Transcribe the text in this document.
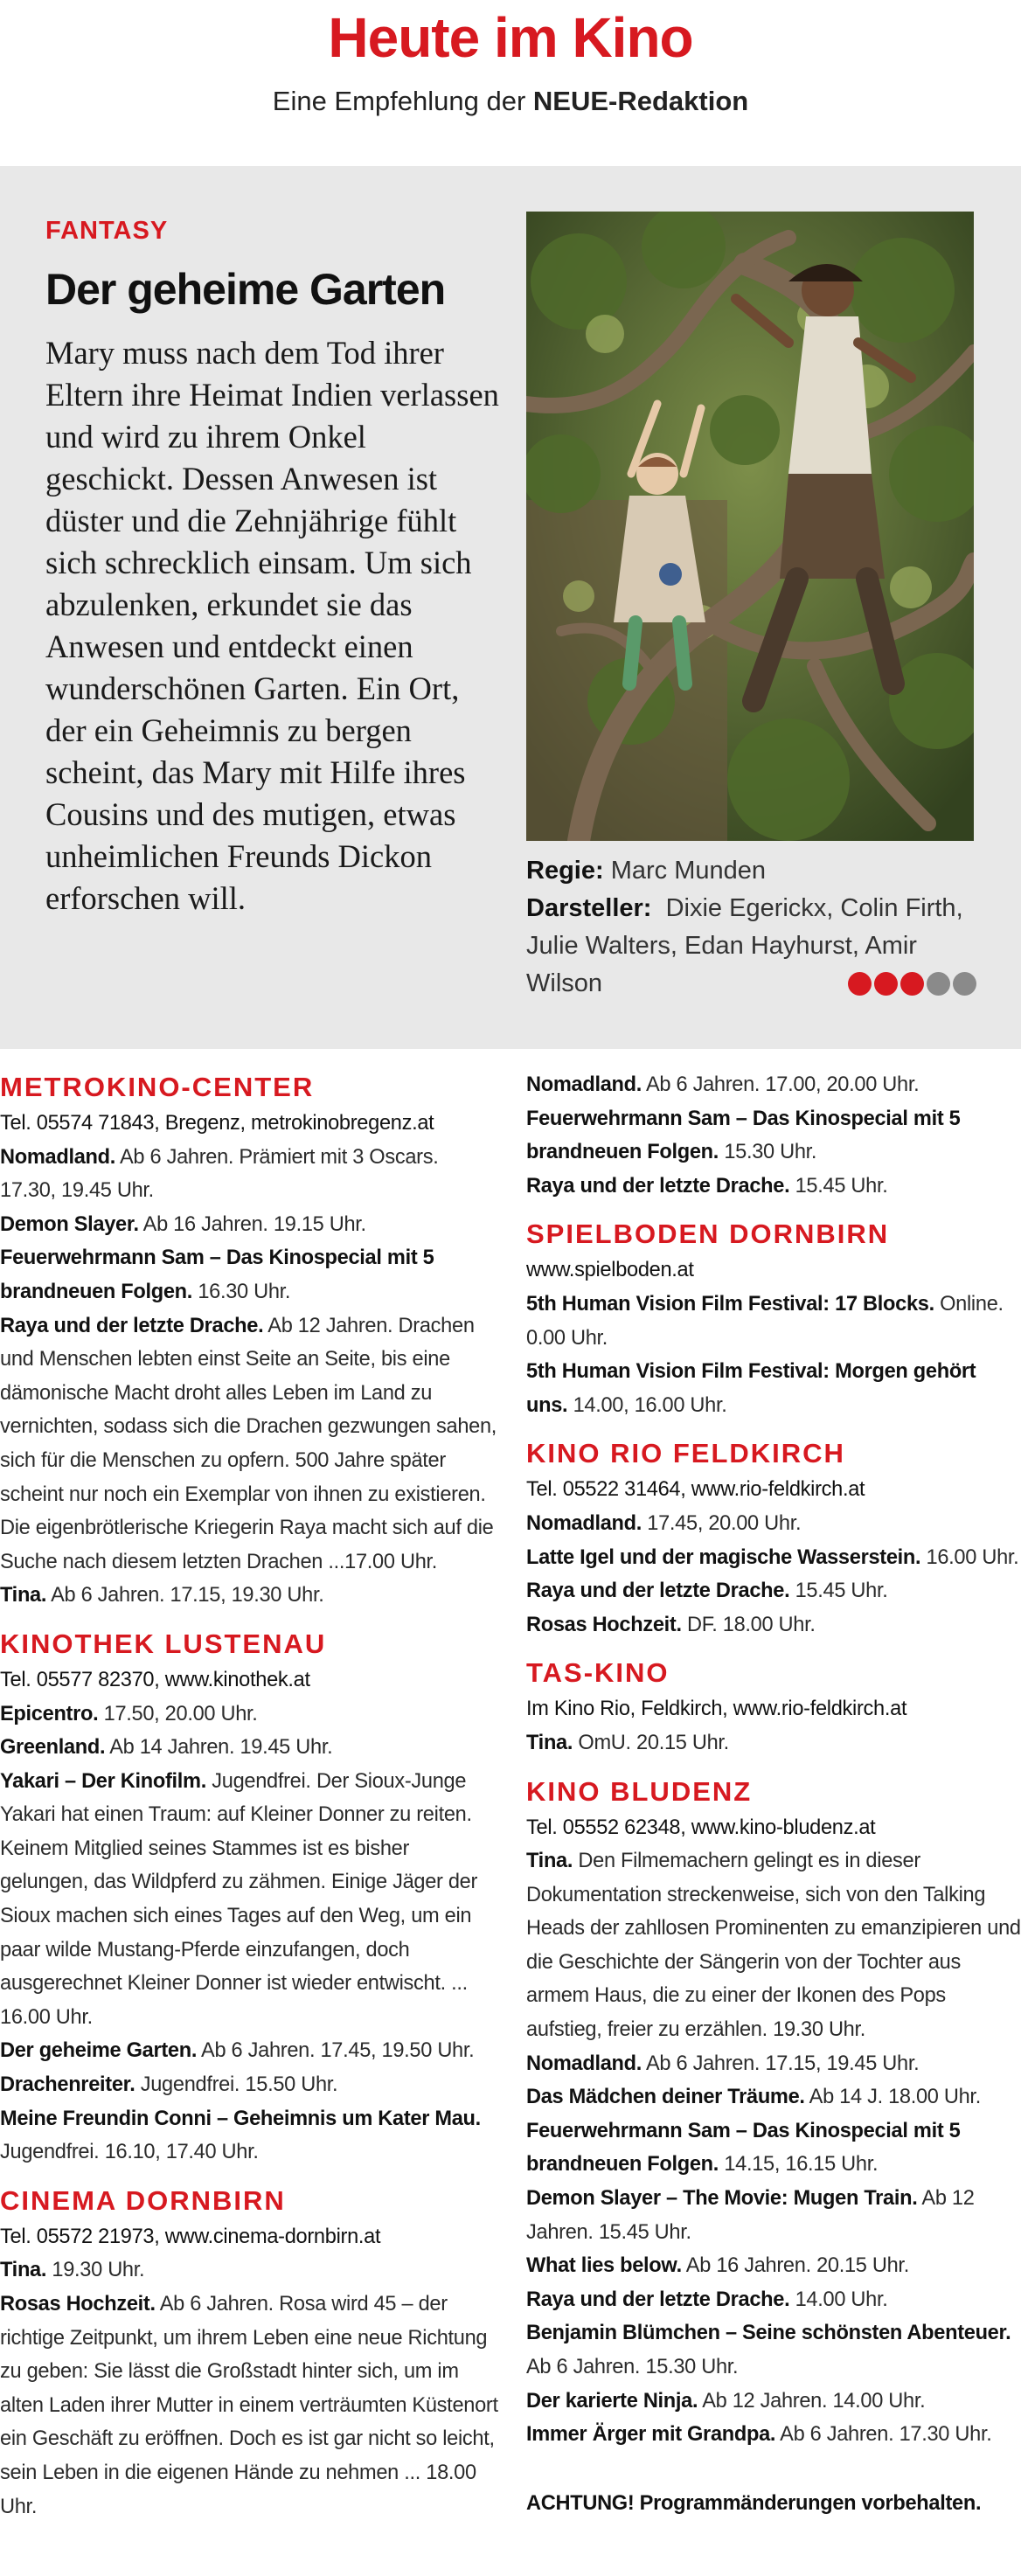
Heute im Kino
Eine Empfehlung der NEUE-Redaktion
FANTASY
Der geheime Garten

Mary muss nach dem Tod ihrer Eltern ihre Heimat Indien verlassen und wird zu ihrem Onkel geschickt. Dessen Anwesen ist düster und die Zehnjährige fühlt sich schrecklich einsam. Um sich abzulenken, erkundet sie das Anwesen und entdeckt einen wunderschönen Garten. Ein Ort, der ein Geheimnis zu bergen scheint, das Mary mit Hilfe ihres Cousins und des mutigen, etwas unheimlichen Freunds Dickon erforschen will.

Regie: Marc Munden
Darsteller: Dixie Egerickx, Colin Firth, Julie Walters, Edan Hayhurst, Amir Wilson
METROKINO-CENTER
Tel. 05574 71843, Bregenz, metrokinobregenz.at
Nomadland. Ab 6 Jahren. Prämiert mit 3 Oscars. 17.30, 19.45 Uhr.
Demon Slayer. Ab 16 Jahren. 19.15 Uhr.
Feuerwehrmann Sam – Das Kinospecial mit 5 brandneuen Folgen. 16.30 Uhr.
Raya und der letzte Drache. Ab 12 Jahren. Drachen und Menschen lebten einst Seite an Seite, bis eine dämonische Macht droht alles Leben im Land zu vernichten, sodass sich die Drachen gezwungen sahen, sich für die Menschen zu opfern. 500 Jahre später scheint nur noch ein Exemplar von ihnen zu existieren. Die eigenbrötlerische Kriegerin Raya macht sich auf die Suche nach diesem letzten Drachen ...17.00 Uhr.
Tina. Ab 6 Jahren. 17.15, 19.30 Uhr.
KINOTHEK LUSTENAU
Tel. 05577 82370, www.kinothek.at
Epicentro. 17.50, 20.00 Uhr.
Greenland. Ab 14 Jahren. 19.45 Uhr.
Yakari – Der Kinofilm. Jugendfrei. Der Sioux-Junge Yakari hat einen Traum: auf Kleiner Donner zu reiten. Keinem Mitglied seines Stammes ist es bisher gelungen, das Wildpferd zu zähmen. Einige Jäger der Sioux machen sich eines Tages auf den Weg, um ein paar wilde Mustang-Pferde einzufangen, doch ausgerechnet Kleiner Donner ist wieder entwischt. ... 16.00 Uhr.
Der geheime Garten. Ab 6 Jahren. 17.45, 19.50 Uhr.
Drachenreiter. Jugendfrei. 15.50 Uhr.
Meine Freundin Conni – Geheimnis um Kater Mau. Jugendfrei. 16.10, 17.40 Uhr.
CINEMA DORNBIRN
Tel. 05572 21973, www.cinema-dornbirn.at
Tina. 19.30 Uhr.
Rosas Hochzeit. Ab 6 Jahren. Rosa wird 45 – der richtige Zeitpunkt, um ihrem Leben eine neue Richtung zu geben: Sie lässt die Großstadt hinter sich, um im alten Laden ihrer Mutter in einem verträumten Küstenort ein Geschäft zu eröffnen. Doch es ist gar nicht so leicht, sein Leben in die eigenen Hände zu nehmen ... 18.00 Uhr.
Nomadland. Ab 6 Jahren. 17.00, 20.00 Uhr.
Feuerwehrmann Sam – Das Kinospecial mit 5 brandneuen Folgen. 15.30 Uhr.
Raya und der letzte Drache. 15.45 Uhr.
SPIELBODEN DORNBIRN
www.spielboden.at
5th Human Vision Film Festival: 17 Blocks. Online. 0.00 Uhr.
5th Human Vision Film Festival: Morgen gehört uns. 14.00, 16.00 Uhr.
KINO RIO FELDKIRCH
Tel. 05522 31464, www.rio-feldkirch.at
Nomadland. 17.45, 20.00 Uhr.
Latte Igel und der magische Wasserstein. 16.00 Uhr.
Raya und der letzte Drache. 15.45 Uhr.
Rosas Hochzeit. DF. 18.00 Uhr.
TAS-KINO
Im Kino Rio, Feldkirch, www.rio-feldkirch.at
Tina. OmU. 20.15 Uhr.
KINO BLUDENZ
Tel. 05552 62348, www.kino-bludenz.at
Tina. Den Filmemachern gelingt es in dieser Dokumentation streckenweise, sich von den Talking Heads der zahllosen Prominenten zu emanzipieren und die Geschichte der Sängerin von der Tochter aus armem Haus, die zu einer der Ikonen des Pops aufstieg, freier zu erzählen. 19.30 Uhr.
Nomadland. Ab 6 Jahren. 17.15, 19.45 Uhr.
Das Mädchen deiner Träume. Ab 14 J. 18.00 Uhr.
Feuerwehrmann Sam – Das Kinospecial mit 5 brandneuen Folgen. 14.15, 16.15 Uhr.
Demon Slayer – The Movie: Mugen Train. Ab 12 Jahren. 15.45 Uhr.
What lies below. Ab 16 Jahren. 20.15 Uhr.
Raya und der letzte Drache. 14.00 Uhr.
Benjamin Blümchen – Seine schönsten Abenteuer. Ab 6 Jahren. 15.30 Uhr.
Der karierte Ninja. Ab 12 Jahren. 14.00 Uhr.
Immer Ärger mit Grandpa. Ab 6 Jahren. 17.30 Uhr.
ACHTUNG! Programmänderungen vorbehalten.
